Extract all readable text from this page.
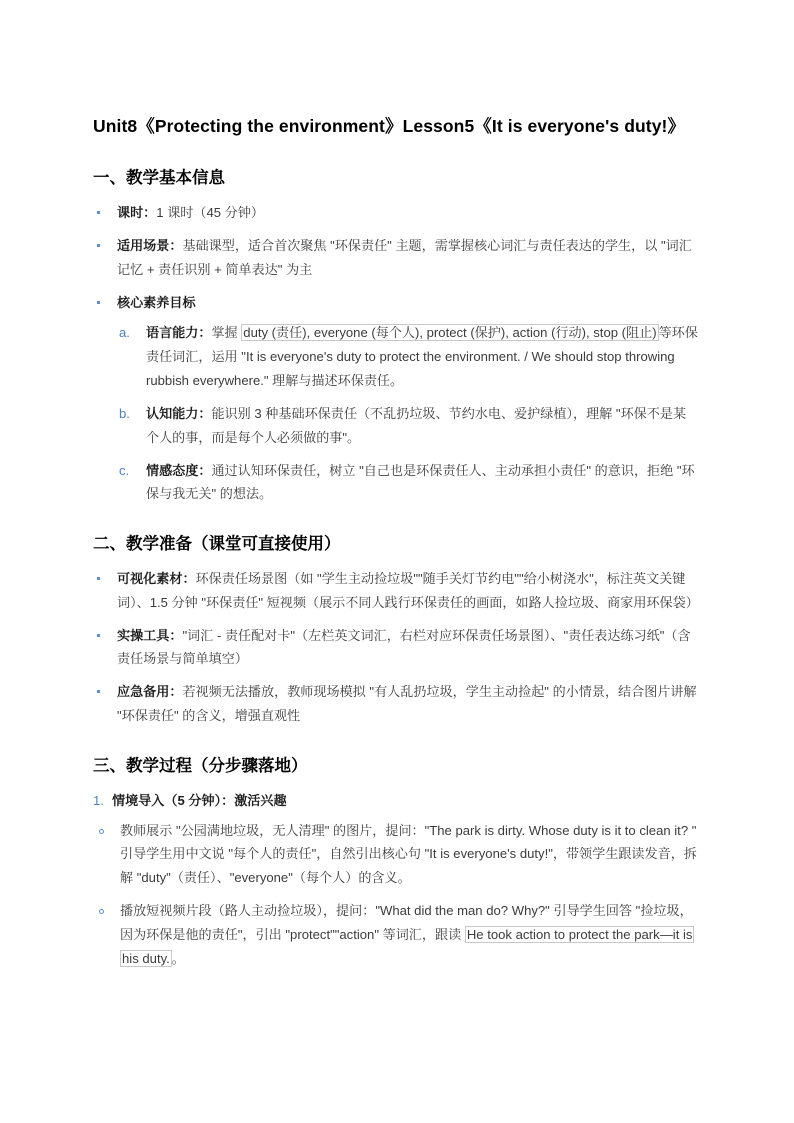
Unit8《Protecting the environment》Lesson5《It is everyone's duty!》
一、教学基本信息
课时：1 课时（45 分钟）
适用场景：基础课型，适合首次聚焦 "环保责任" 主题，需掌握核心词汇与责任表达的学生，以 "词汇记忆 + 责任识别 + 简单表达" 为主
核心素养目标
语言能力：掌握 duty (责任), everyone (每个人), protect (保护), action (行动), stop (阻止) 等环保责任词汇，运用 "It is everyone's duty to protect the environment. / We should stop throwing rubbish everywhere." 理解与描述环保责任。
认知能力：能识别 3 种基础环保责任（不乱扔垃圾、节约水电、爱护绿植），理解 "环保不是某个人的事，而是每个人必须做的事"。
情感态度：通过认知环保责任，树立 "自己也是环保责任人、主动承担小责任" 的意识，拒绝 "环保与我无关" 的想法。
二、教学准备（课堂可直接使用）
可视化素材：环保责任场景图（如 "学生主动捡垃圾""随手关灯节约电""给小树浇水"，标注英文关键词）、1.5 分钟 "环保责任" 短视频（展示不同人践行环保责任的画面，如路人捡垃圾、商家用环保袋）
实操工具："词汇 - 责任配对卡"（左栏英文词汇，右栏对应环保责任场景图）、"责任表达练习纸"（含责任场景与简单填空）
应急备用：若视频无法播放，教师现场模拟 "有人乱扔垃圾，学生主动捡起" 的小情景，结合图片讲解 "环保责任" 的含义，增强直观性
三、教学过程（分步骤落地）
情境导入（5 分钟）：激活兴趣
教师展示 "公园满地垃圾，无人清理" 的图片，提问："The park is dirty. Whose duty is it to clean it? " 引导学生用中文说 "每个人的责任"，自然引出核心句 "It is everyone's duty!"，带领学生跟读发音，拆解 "duty"（责任）、"everyone"（每个人）的含义。
播放短视频片段（路人主动捡垃圾），提问："What did the man do? Why?" 引导学生回答 "捡垃圾，因为环保是他的责任"，引出 "protect""action" 等词汇，跟读 He took action to protect the park—it is his duty. 。
